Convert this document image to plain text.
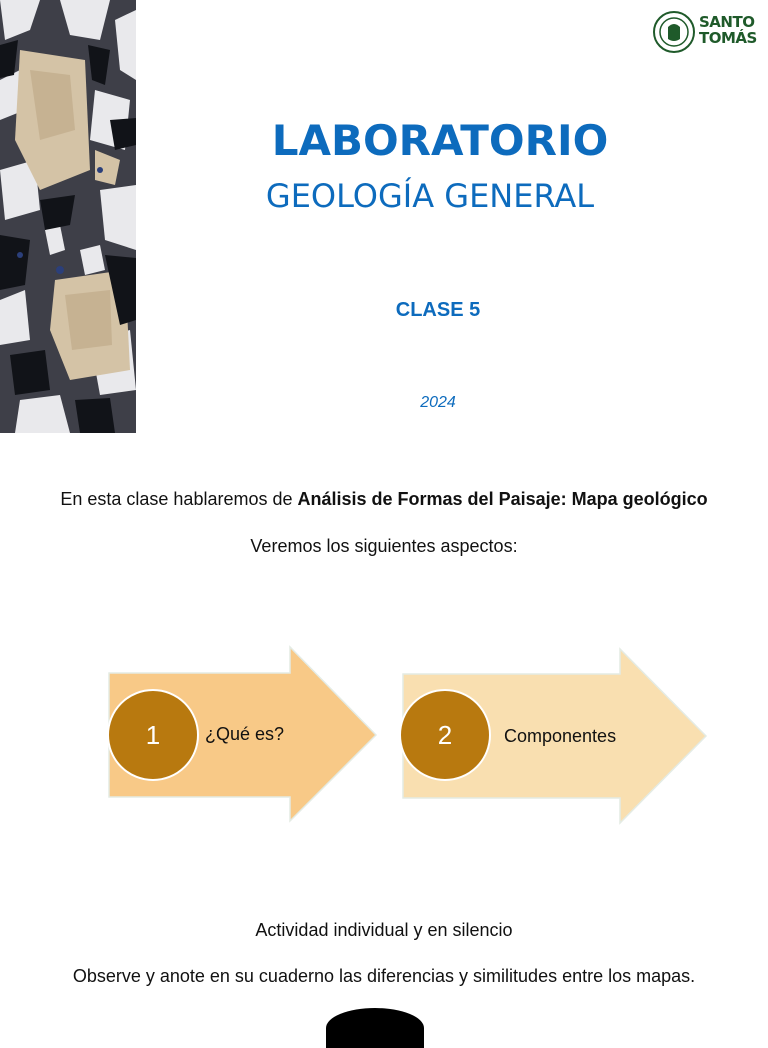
SANTO
TOMÁS
LABORATORIO
GEOLOGÍA GENERAL
CLASE 5
2024
En esta clase hablaremos de Análisis de Formas del Paisaje: Mapa geológico
Veremos los siguientes aspectos:
1	¿Qué es?	2	Componentes
Actividad individual y en silencio
Observe y anote en su cuaderno las diferencias y similitudes entre los mapas.
